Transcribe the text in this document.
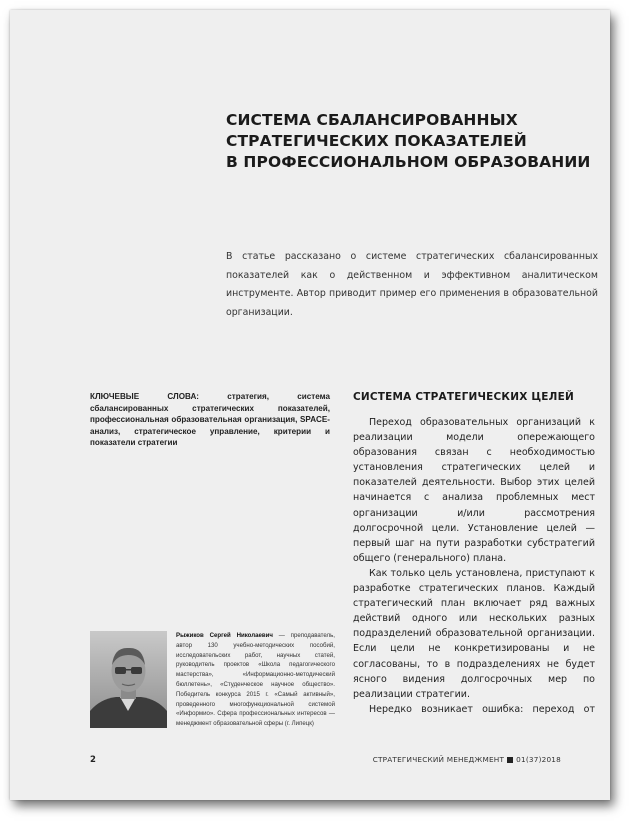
СИСТЕМА СБАЛАНСИРОВАННЫХ
СТРАТЕГИЧЕСКИХ ПОКАЗАТЕЛЕЙ
В ПРОФЕССИОНАЛЬНОМ ОБРАЗОВАНИИ
В статье рассказано о системе стратегических сбалансированных показателей как о действенном и эффективном аналитическом инструменте. Автор приводит пример его применения в образовательной организации.
КЛЮЧЕВЫЕ СЛОВА: стратегия, система сбалансированных стратегических показателей, профессиональная образовательная организация, SPACE-анализ, стратегическое управление, критерии и показатели стратегии
СИСТЕМА СТРАТЕГИЧЕСКИХ ЦЕЛЕЙ

Переход образовательных организаций к реализации модели опережающего образования связан с необходимостью установления стратегических целей и показателей деятельности. Выбор этих целей начинается с анализа проблемных мест организации и/или рассмотрения долгосрочной цели. Установление целей — первый шаг на пути разработки субстратегий общего (генерального) плана.

Как только цель установлена, приступают к разработке стратегических планов. Каждый стратегический план включает ряд важных действий одного или нескольких разных подразделений образовательной организации. Если цели не конкретизированы и не согласованы, то в подразделениях не будет ясного видения долгосрочных мер по реализации стратегии.

Нередко возникает ошибка: переход от

Рыжиков Сергей Николаевич — преподаватель, автор 130 учебно-методических пособий, исследовательских работ, научных статей, руководитель проектов «Школа педагогического мастерства», «Информационно-методический бюллетень», «Студенческое научное общество». Победитель конкурса 2015 г. «Самый активный», проведенного многофункциональной системой «Информио». Сфера профессиональных интересов — менеджмент образовательной сферы (г. Липецк)
2	СТРАТЕГИЧЕСКИЙ МЕНЕДЖМЕНТ 01(37)2018
